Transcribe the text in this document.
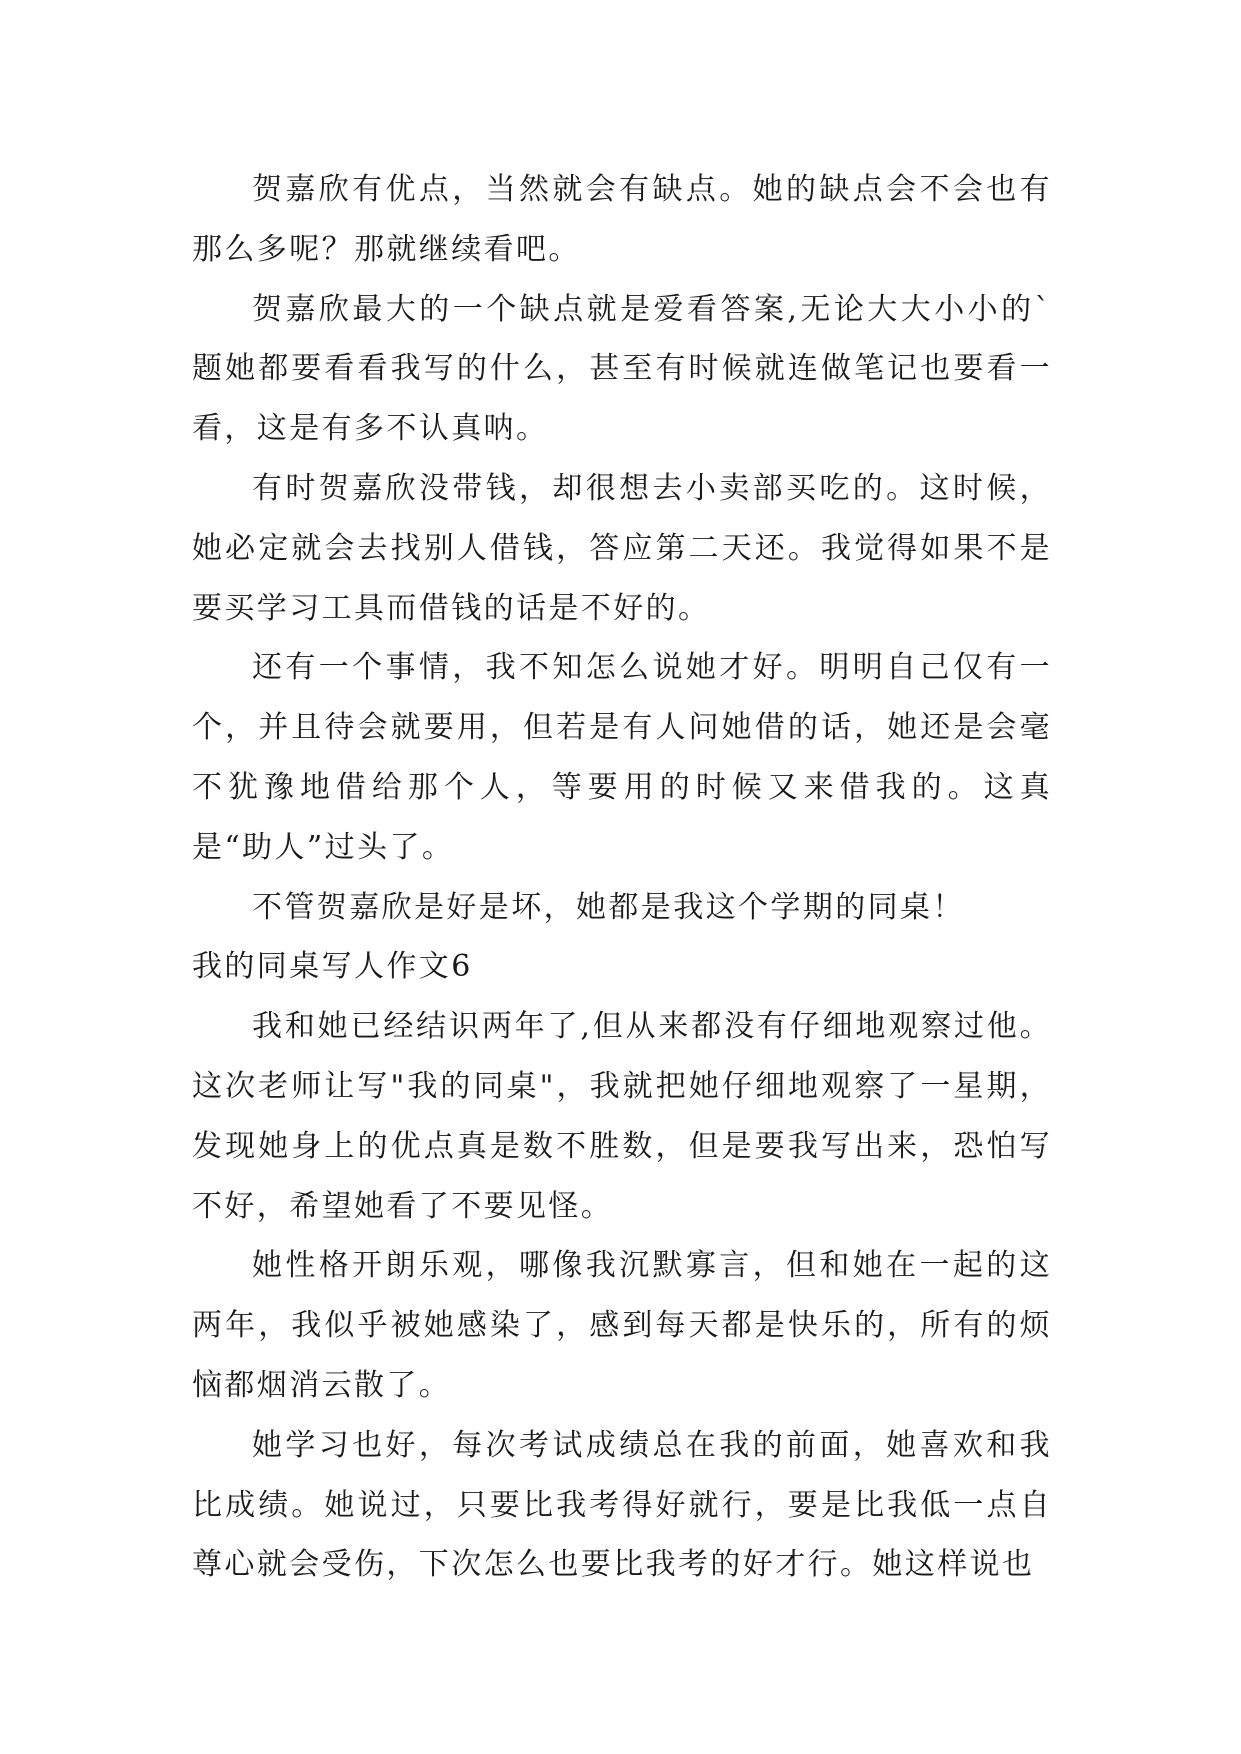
贺嘉欣有优点，当然就会有缺点。她的缺点会不会也有那么多呢？那就继续看吧。

贺嘉欣最大的一个缺点就是爱看答案,无论大大小小的`题她都要看看我写的什么，甚至有时候就连做笔记也要看一看，这是有多不认真呐。

有时贺嘉欣没带钱，却很想去小卖部买吃的。这时候，她必定就会去找别人借钱，答应第二天还。我觉得如果不是要买学习工具而借钱的话是不好的。

还有一个事情，我不知怎么说她才好。明明自己仅有一个，并且待会就要用，但若是有人问她借的话，她还是会毫不犹豫地借给那个人，等要用的时候又来借我的。这真是“助人”过头了。

不管贺嘉欣是好是坏，她都是我这个学期的同桌！

我的同桌写人作文6

我和她已经结识两年了,但从来都没有仔细地观察过他。这次老师让写"我的同桌"，我就把她仔细地观察了一星期，发现她身上的优点真是数不胜数，但是要我写出来，恐怕写不好，希望她看了不要见怪。

她性格开朗乐观，哪像我沉默寡言，但和她在一起的这两年，我似乎被她感染了，感到每天都是快乐的，所有的烦恼都烟消云散了。

她学习也好，每次考试成绩总在我的前面，她喜欢和我比成绩。她说过，只要比我考得好就行，要是比我低一点自尊心就会受伤，下次怎么也要比我考的好才行。她这样说也
